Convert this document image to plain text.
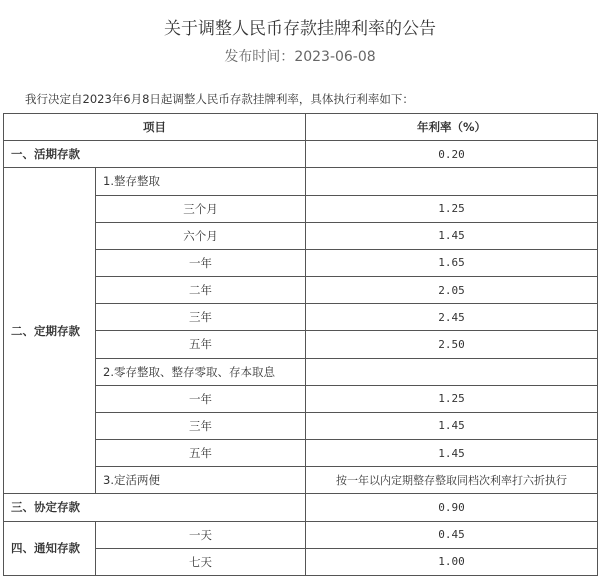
关于调整人民币存款挂牌利率的公告
发布时间：2023-06-08
我行决定自2023年6月8日起调整人民币存款挂牌利率，具体执行利率如下：
项目		年利率（%）
一、活期存款		0.20
二、定期存款	1.整存整取	
	三个月	1.25
	六个月	1.45
	一年	1.65
	二年	2.05
	三年	2.45
	五年	2.50
	2.零存整取、整存零取、存本取息	
	一年	1.25
	三年	1.45
	五年	1.45
	3.定活两便	按一年以内定期整存整取同档次利率打六折执行
三、协定存款		0.90
四、通知存款	一天	0.45
	七天	1.00
